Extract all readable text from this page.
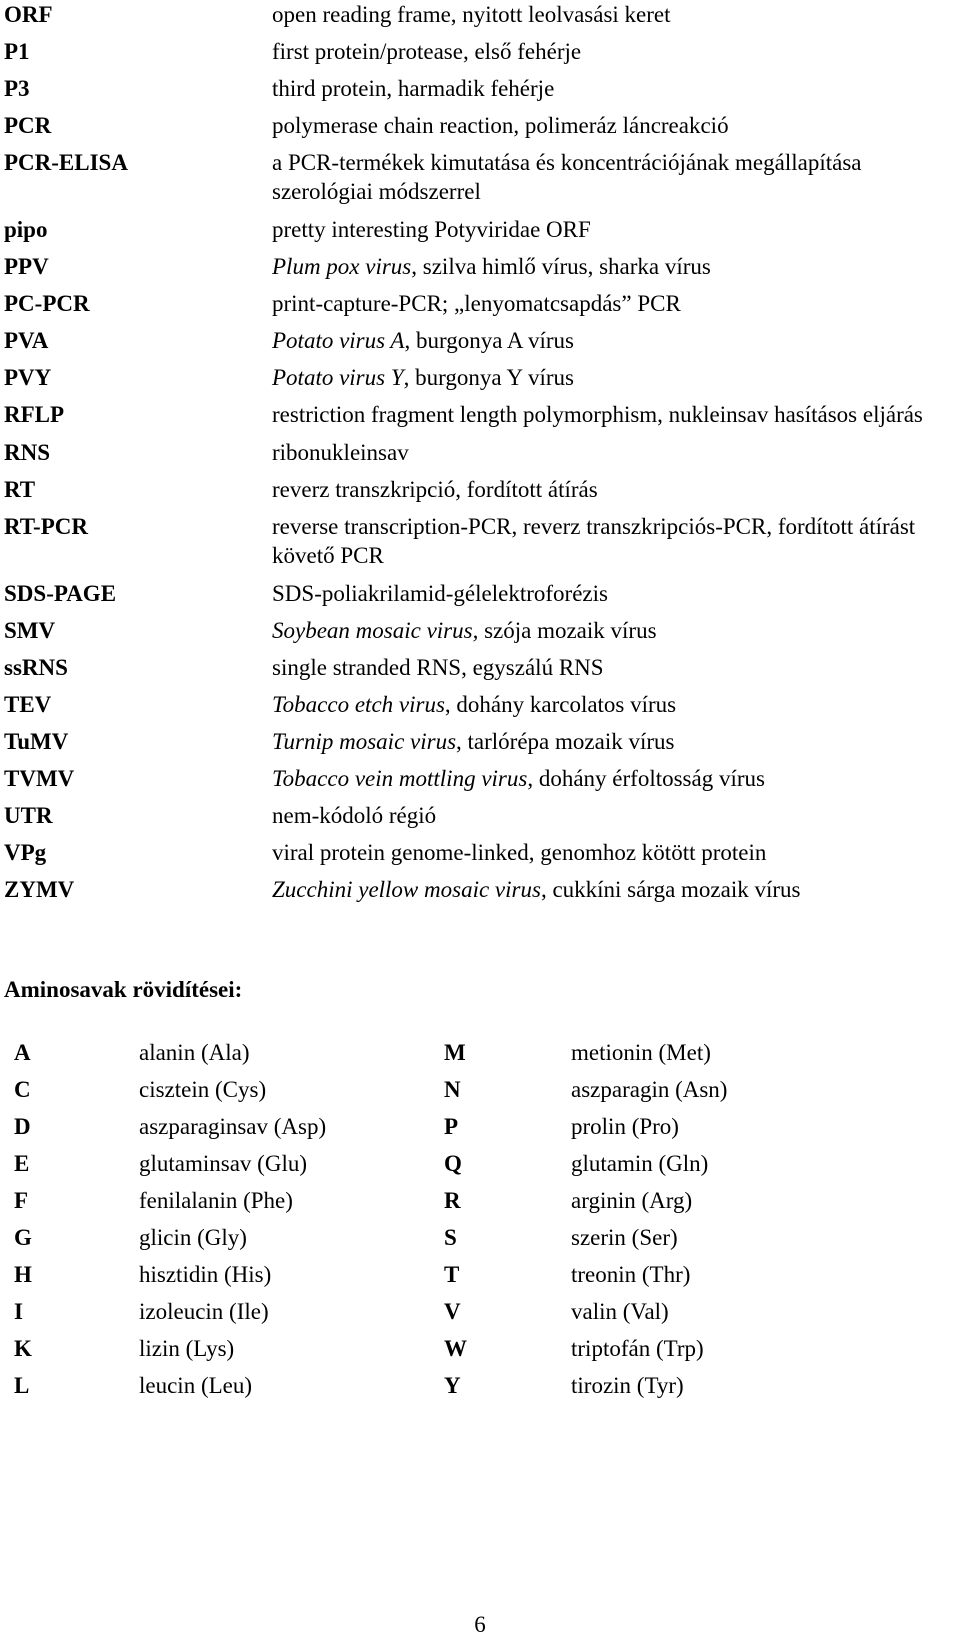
ORF	open reading frame, nyitott leolvasási keret
P1	first protein/protease, első fehérje
P3	third protein, harmadik fehérje
PCR	polymerase chain reaction, polimeráz láncreakció
PCR-ELISA	a PCR-termékek kimutatása és koncentrációjának megállapítása szerológiai módszerrel
pipo	pretty interesting Potyviridae ORF
PPV	Plum pox virus, szilva himlő vírus, sharka vírus
PC-PCR	print-capture-PCR; „lenyomatcsapdás” PCR
PVA	Potato virus A, burgonya A vírus
PVY	Potato virus Y, burgonya Y vírus
RFLP	restriction fragment length polymorphism, nukleinsav hasításos eljárás
RNS	ribonukleinsav
RT	reverz transzkripció, fordított átírás
RT-PCR	reverse transcription-PCR, reverz transzkripciós-PCR, fordított átírást követő PCR
SDS-PAGE	SDS-poliakrilamid-gélelektroforézis
SMV	Soybean mosaic virus, szója mozaik vírus
ssRNS	single stranded RNS, egyszálú RNS
TEV	Tobacco etch virus, dohány karcolatos vírus
TuMV	Turnip mosaic virus, tarlórépa mozaik vírus
TVMV	Tobacco vein mottling virus, dohány érfoltosság vírus
UTR	nem-kódoló régió
VPg	viral protein genome-linked, genomhoz kötött protein
ZYMV	Zucchini yellow mosaic virus, cukkíni sárga mozaik vírus
Aminosavak rövidítései:
A	alanin (Ala)	M	metionin (Met)
C	cisztein (Cys)	N	aszparagin (Asn)
D	aszparaginsav (Asp)	P	prolin (Pro)
E	glutaminsav (Glu)	Q	glutamin (Gln)
F	fenilalanin (Phe)	R	arginin (Arg)
G	glicin (Gly)	S	szerin (Ser)
H	hisztidin (His)	T	treonin (Thr)
I	izoleucin (Ile)	V	valin (Val)
K	lizin (Lys)	W	triptofán (Trp)
L	leucin (Leu)	Y	tirozin (Tyr)
6
